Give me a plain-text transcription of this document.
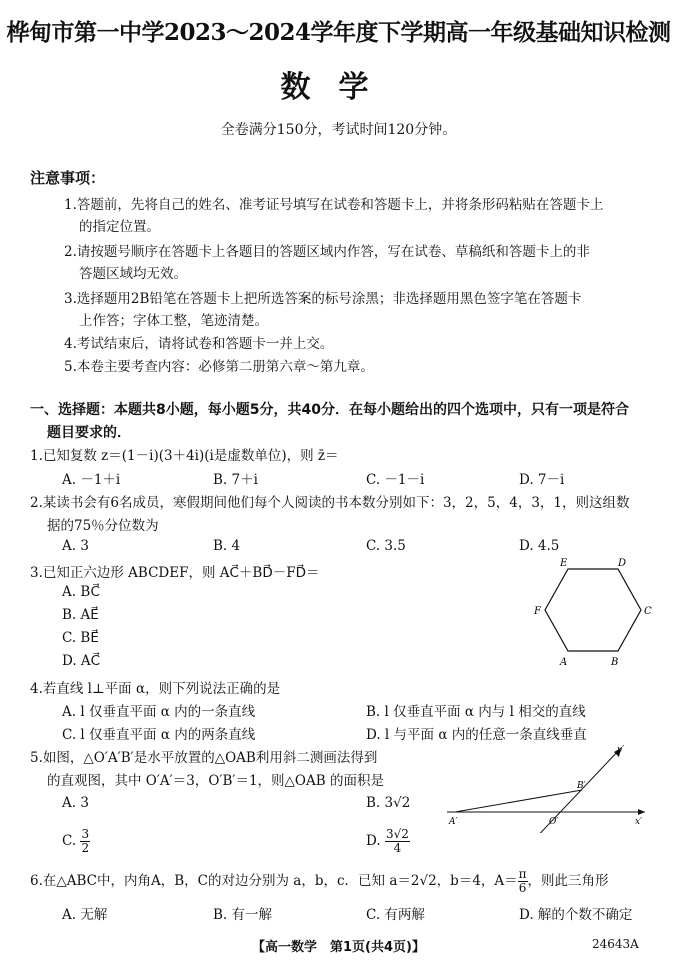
桦甸市第一中学2023～2024学年度下学期高一年级基础知识检测
数学
全卷满分150分，考试时间120分钟。
注意事项：
1.答题前，先将自己的姓名、准考证号填写在试卷和答题卡上，并将条形码粘贴在答题卡上
的指定位置。
2.请按题号顺序在答题卡上各题目的答题区域内作答，写在试卷、草稿纸和答题卡上的非
答题区域均无效。
3.选择题用2B铅笔在答题卡上把所选答案的标号涂黑；非选择题用黑色签字笔在答题卡
上作答；字体工整，笔迹清楚。
4.考试结束后，请将试卷和答题卡一并上交。
5.本卷主要考查内容：必修第二册第六章～第九章。
一、选择题：本题共8小题，每小题5分，共40分．在每小题给出的四个选项中，只有一项是符合
题目要求的．
1.已知复数 z＝(1－i)(3＋4i)(i是虚数单位)，则 z̄＝
A. －1＋i	B. 7＋i	C. －1－i	D. 7－i
2.某读书会有6名成员，寒假期间他们每个人阅读的书本数分别如下：3，2，5，4，3，1，则这组数
据的75％分位数为
A. 3	B. 4	C. 3.5	D. 4.5
3.已知正六边形 ABCDEF，则 AC⃗＋BD⃗－FD⃗＝
A. BC⃗
B. AE⃗
C. BE⃗
D. AC⃗	A	B
C
D
E
F
4.若直线 l⊥平面 α，则下列说法正确的是
A. l 仅垂直平面 α 内的一条直线	B. l 仅垂直平面 α 内与 l 相交的直线
C. l 仅垂直平面 α 内的两条直线	D. l 与平面 α 内的任意一条直线垂直
5.如图，△O′A′B′是水平放置的△OAB利用斜二测画法得到
的直观图，其中 O′A′＝3，O′B′＝1，则△OAB 的面积是
A. 3	B. 3√2
C. $\frac{3}{2}$	D. $\frac{3√2}{4}$
y′
B′
A′	O′	x′
6.在△ABC中，内角A，B，C的对边分别为 a，b，c．已知 a＝2√2，b＝4，$A= \frac{\pi}{6}$ ，则此三角形
A. 无解	B. 有一解	C. 有两解	D. 解的个数不确定
【高一数学　第1页(共4页)】	24643A
